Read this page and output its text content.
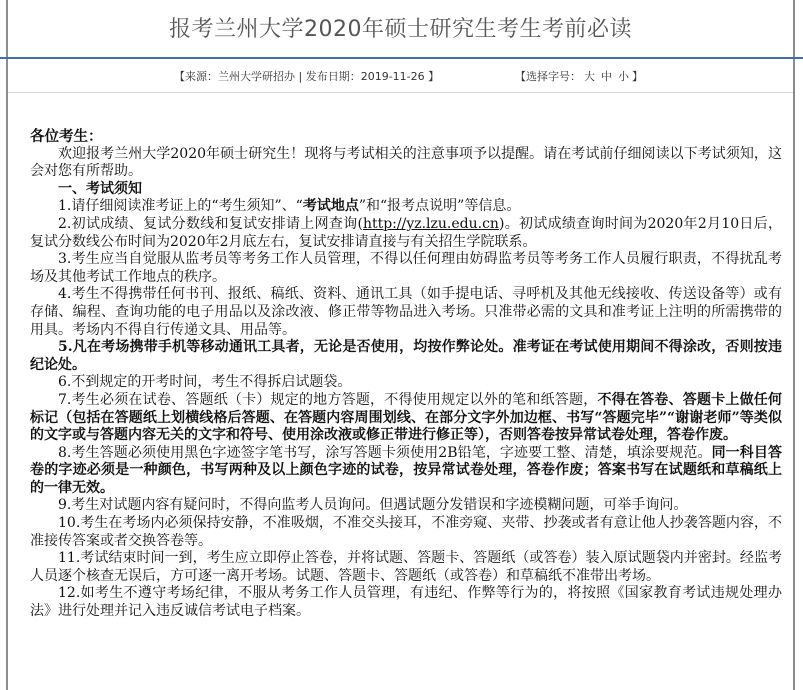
报考兰州大学2020年硕士研究生考生考前必读
【来源：兰州大学研招办 | 发布日期：2019-11-26 】	【选择字号： 大 中 小 】

各位考生：

欢迎报考兰州大学2020年硕士研究生！现将与考试相关的注意事项予以提醒。请在考试前仔细阅读以下考试须知，这会对您有所帮助。

一、考试须知

1.请仔细阅读准考证上的“考生须知”、“考试地点”和“报考点说明”等信息。

2.初试成绩、复试分数线和复试安排请上网查询(http://yz.lzu.edu.cn)。初试成绩查询时间为2020年2月10日后，复试分数线公布时间为2020年2月底左右，复试安排请直接与有关招生学院联系。

3.考生应当自觉服从监考员等考务工作人员管理，不得以任何理由妨碍监考员等考务工作人员履行职责，不得扰乱考场及其他考试工作地点的秩序。

4.考生不得携带任何书刊、报纸、稿纸、资料、通讯工具（如手提电话、寻呼机及其他无线接收、传送设备等）或有存储、编程、查询功能的电子用品以及涂改液、修正带等物品进入考场。只准带必需的文具和准考证上注明的所需携带的用具。考场内不得自行传递文具、用品等。

5.凡在考场携带手机等移动通讯工具者，无论是否使用，均按作弊论处。准考证在考试使用期间不得涂改，否则按违纪论处。

6.不到规定的开考时间，考生不得拆启试题袋。

7.考生必须在试卷、答题纸（卡）规定的地方答题，不得使用规定以外的笔和纸答题，不得在答卷、答题卡上做任何标记（包括在答题纸上划横线格后答题、在答题内容周围划线、在部分文字外加边框、书写“答题完毕”“谢谢老师”等类似的文字或与答题内容无关的文字和符号、使用涂改液或修正带进行修正等），否则答卷按异常试卷处理，答卷作废。

8.考生答题必须使用黑色字迹签字笔书写，涂写答题卡须使用2B铅笔，字迹要工整、清楚，填涂要规范。同一科目答卷的字迹必须是一种颜色，书写两种及以上颜色字迹的试卷，按异常试卷处理，答卷作废；答案书写在试题纸和草稿纸上的一律无效。

9.考生对试题内容有疑问时，不得向监考人员询问。但遇试题分发错误和字迹模糊问题，可举手询问。

10.考生在考场内必须保持安静，不准吸烟，不准交头接耳，不准旁窥、夹带、抄袭或者有意让他人抄袭答题内容，不准接传答案或者交换答卷等。

11.考试结束时间一到，考生应立即停止答卷，并将试题、答题卡、答题纸（或答卷）装入原试题袋内并密封。经监考人员逐个核查无误后，方可逐一离开考场。试题、答题卡、答题纸（或答卷）和草稿纸不准带出考场。

12.如考生不遵守考场纪律，不服从考务工作人员管理，有违纪、作弊等行为的，将按照《国家教育考试违规处理办法》进行处理并记入违反诚信考试电子档案。
